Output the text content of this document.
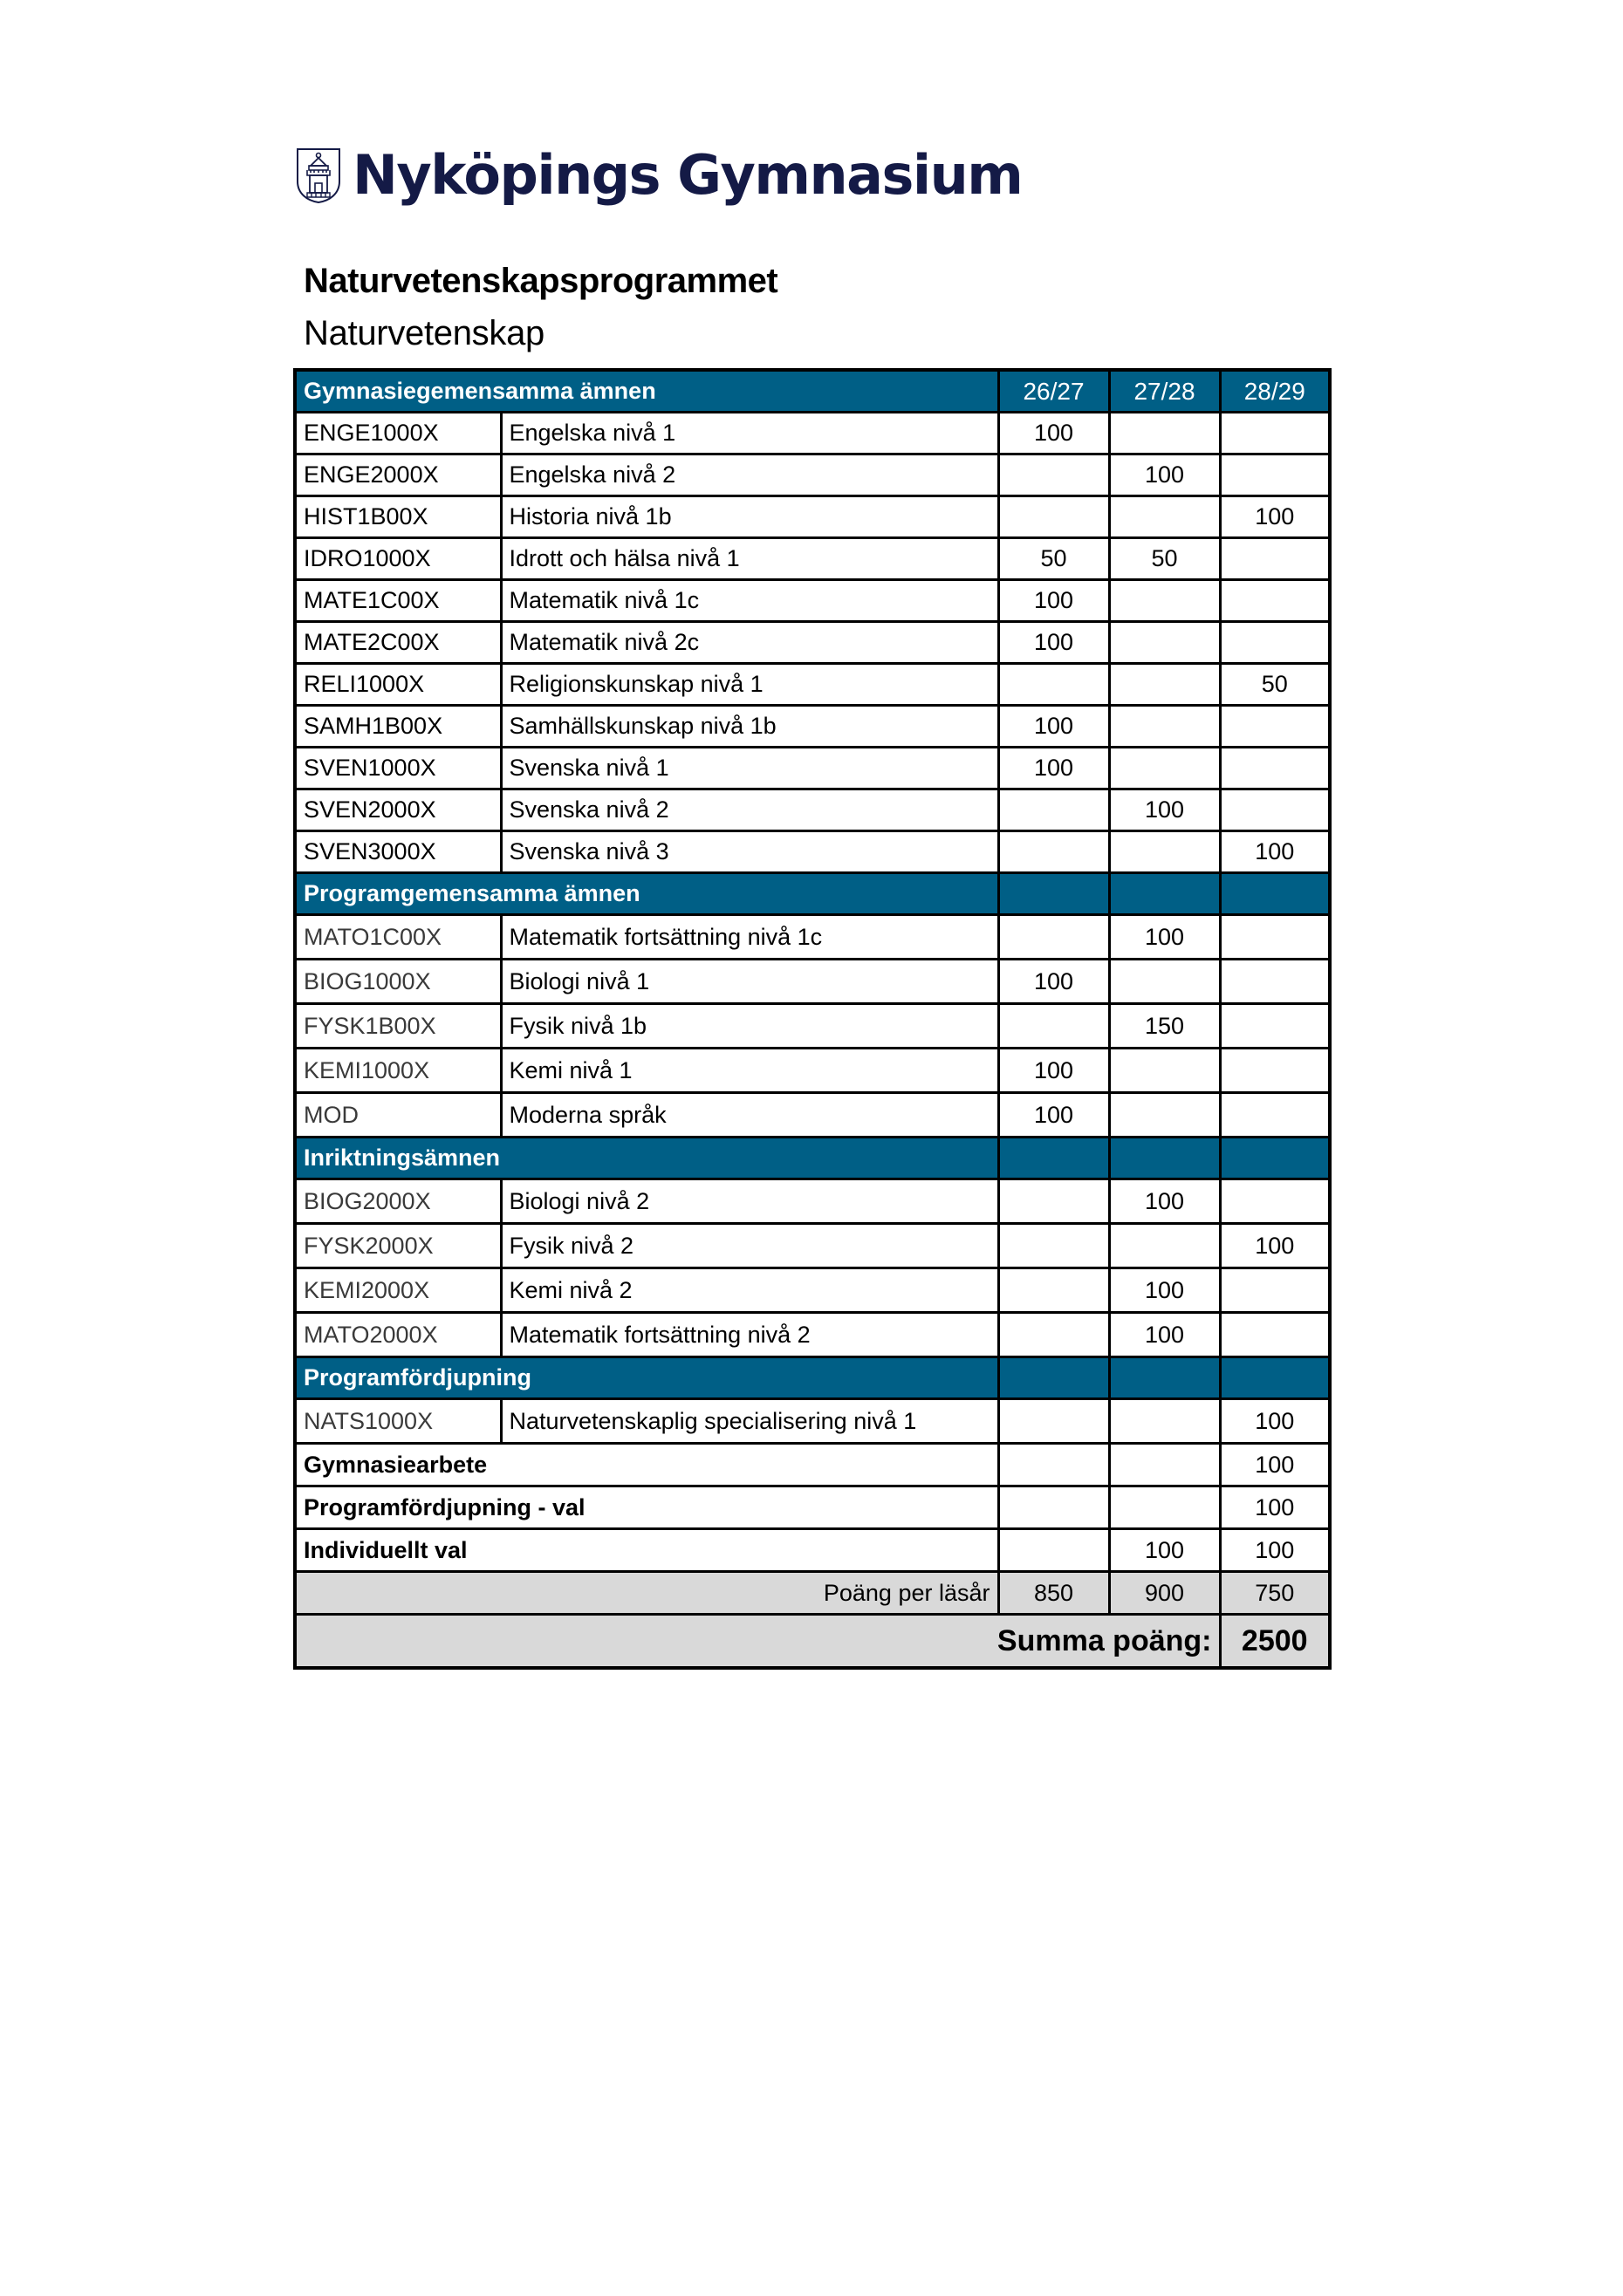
Nyköpings Gymnasium
Naturvetenskapsprogrammet
Naturvetenskap
Gymnasiegemensamma ämnen		26/27	27/28	28/29
ENGE1000X	Engelska nivå 1	100		
ENGE2000X	Engelska nivå 2		100	
HIST1B00X	Historia nivå 1b			100
IDRO1000X	Idrott och hälsa nivå 1	50	50	
MATE1C00X	Matematik nivå 1c	100		
MATE2C00X	Matematik nivå 2c	100		
RELI1000X	Religionskunskap nivå 1			50
SAMH1B00X	Samhällskunskap nivå 1b	100		
SVEN1000X	Svenska nivå 1	100		
SVEN2000X	Svenska nivå 2		100	
SVEN3000X	Svenska nivå 3			100
Programgemensamma ämnen				
MATO1C00X	Matematik fortsättning nivå 1c		100	
BIOG1000X	Biologi nivå 1	100		
FYSK1B00X	Fysik nivå 1b		150	
KEMI1000X	Kemi nivå 1	100		
MOD	Moderna språk	100		
Inriktningsämnen				
BIOG2000X	Biologi nivå 2		100	
FYSK2000X	Fysik nivå 2			100
KEMI2000X	Kemi nivå 2		100	
MATO2000X	Matematik fortsättning nivå 2		100	
Programfördjupning				
NATS1000X	Naturvetenskaplig specialisering nivå 1			100
Gymnasiearbete				100
Programfördjupning - val				100
Individuellt val			100	100
Poäng per läsår		850	900	750
Summa poäng:				2500
